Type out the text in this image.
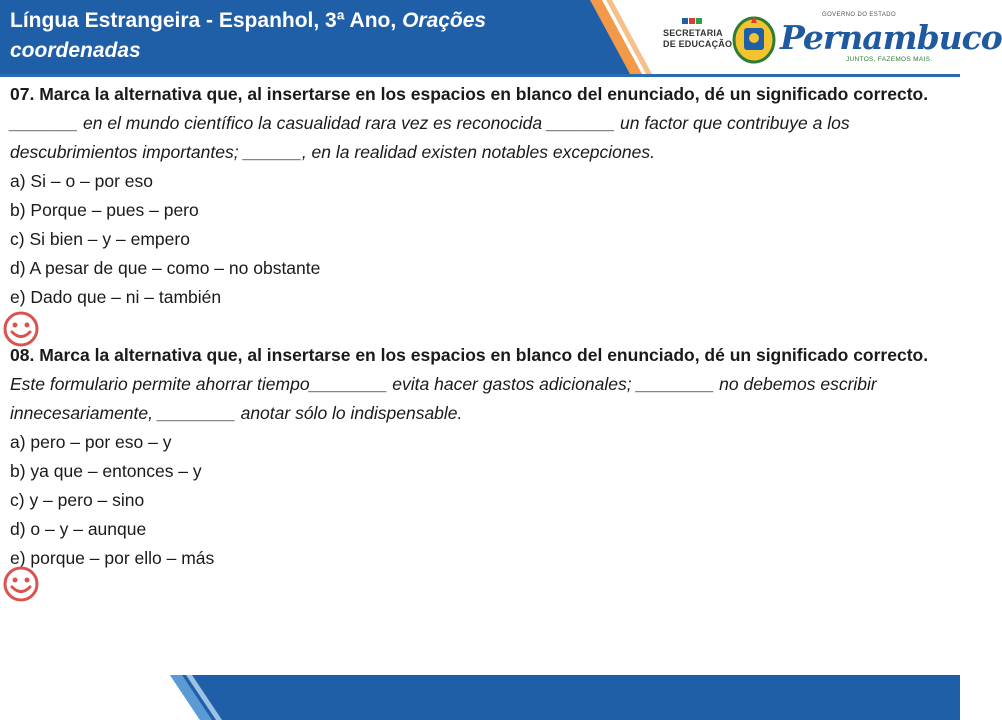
Língua Estrangeira - Espanhol, 3ª Ano, Orações coordenadas
SECRETARIA
DE EDUCAÇÃO
GOVERNO DO ESTADO
Pernambuco
JUNTOS, FAZEMOS MAIS.
07. Marca la alternativa que, al insertarse en los espacios en blanco del enunciado, dé un significado correcto.
_______ en el mundo científico la casualidad rara vez es reconocida _______ un factor que contribuye a los descubrimientos importantes; ______, en la realidad existen notables excepciones.
a) Si – o – por eso
b) Porque – pues – pero
c) Si bien – y – empero
d) A pesar de que – como – no obstante
e) Dado que – ni – también
08. Marca la alternativa que, al insertarse en los espacios en blanco del enunciado, dé un significado correcto.
Este formulario permite ahorrar tiempo________ evita hacer gastos adicionales; ________ no debemos escribir innecesariamente, ________ anotar sólo lo indispensable.
a) pero – por eso – y
b) ya que – entonces – y
c) y – pero – sino
d) o – y – aunque
e) porque – por ello – más
